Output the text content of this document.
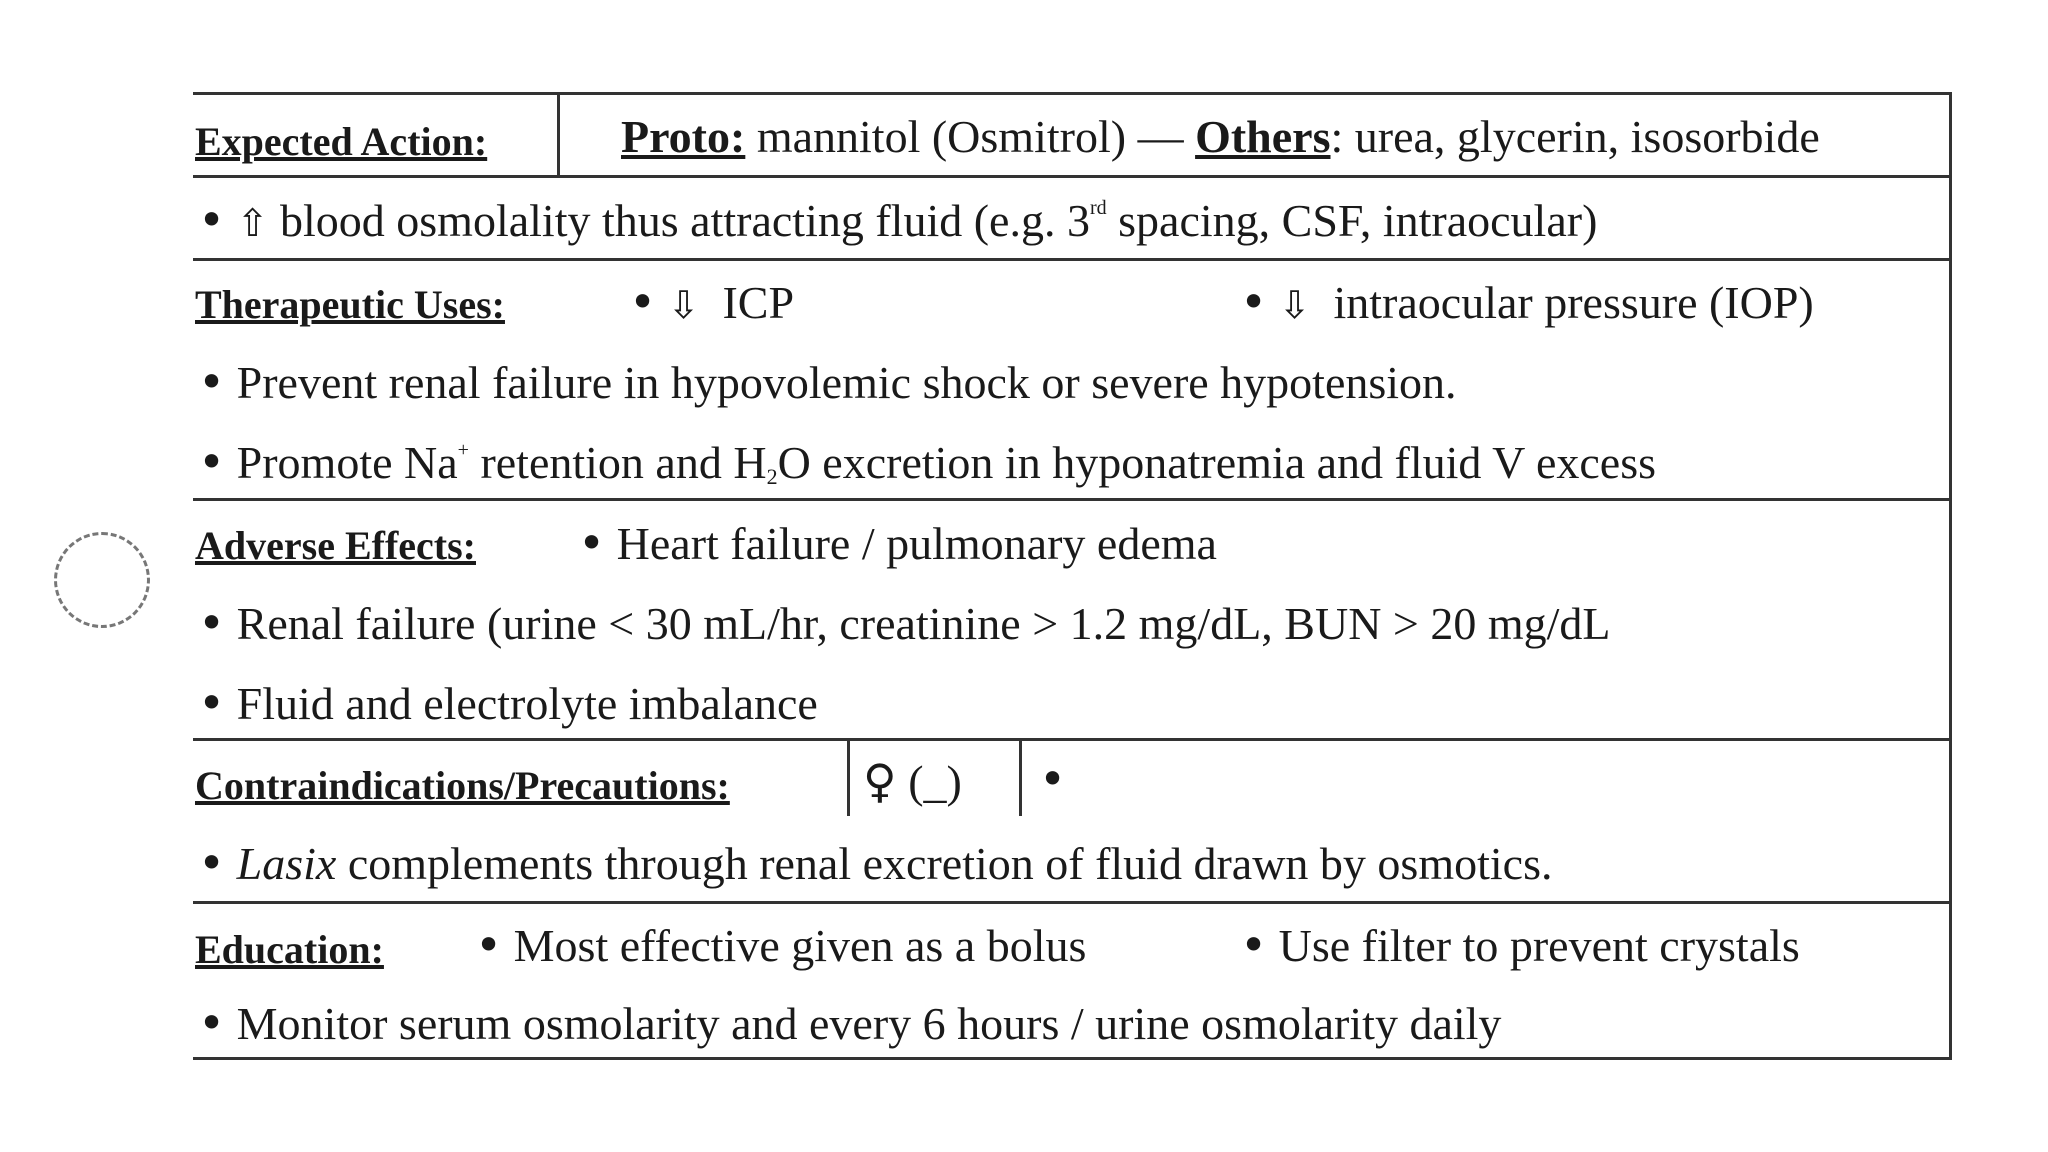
Expected Action:	Proto: mannitol (Osmitrol) — Others: urea, glycerin, isosorbide
• ⇧ blood osmolality thus attracting fluid (e.g. 3rd spacing, CSF, intraocular)
Therapeutic Uses:	• ⇩ ICP	• ⇩ intraocular pressure (IOP)
• Prevent renal failure in hypovolemic shock or severe hypotension.
• Promote Na+ retention and $H_2O$ excretion in hyponatremia and fluid V excess
Adverse Effects: • Heart failure / pulmonary edema
• Renal failure (urine < 30 mL/hr, creatinine > 1.2 mg/dL, BUN > 20 mg/dL
• Fluid and electrolyte imbalance
Contraindications/Precautions:	♀ (_) •
• Lasix complements through renal excretion of fluid drawn by osmotics.
Education: • Most effective given as a bolus	• Use filter to prevent crystals
• Monitor serum osmolarity and every 6 hours / urine osmolarity daily
